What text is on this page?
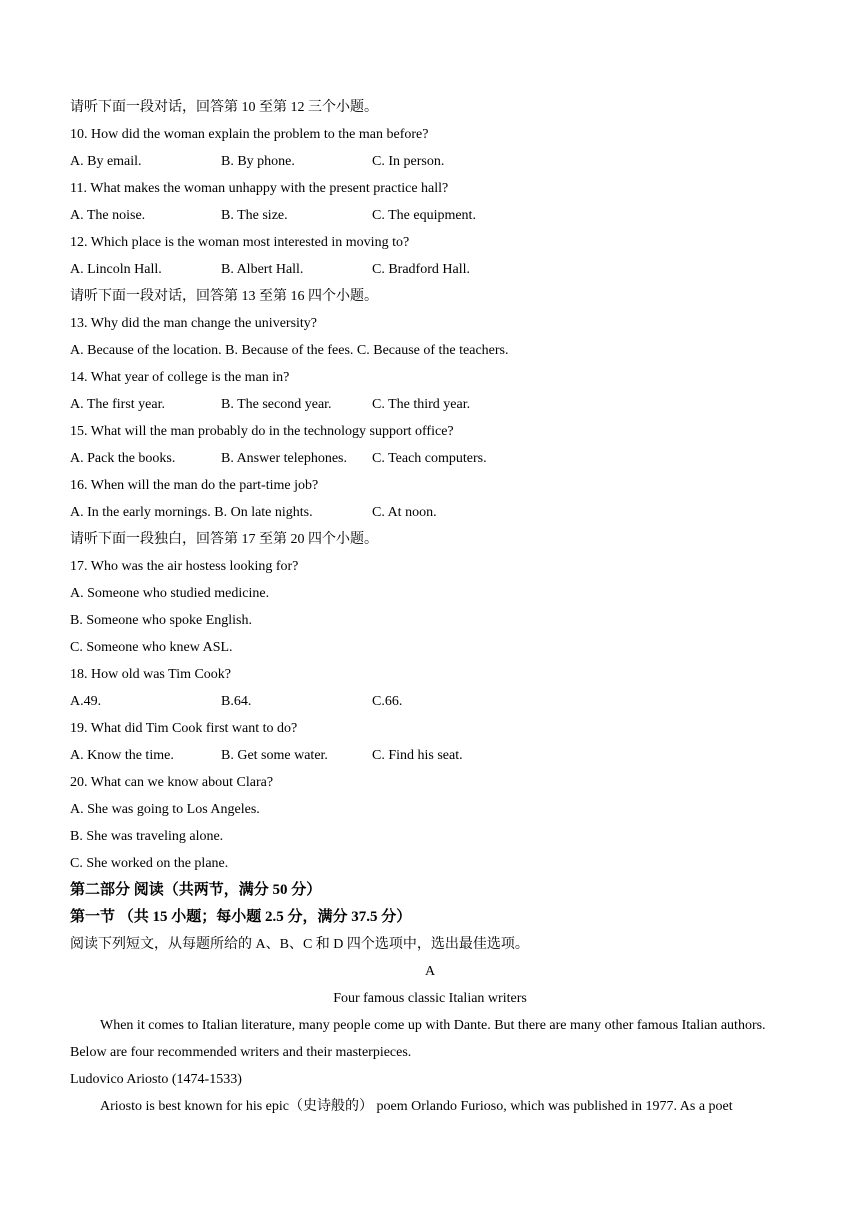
请听下面一段对话，回答第 10 至第 12 三个小题。
10. How did the woman explain the problem to the man before?
A. By email.	B. By phone.	C. In person.
11. What makes the woman unhappy with the present practice hall?
A. The noise.	B. The size.	C. The equipment.
12. Which place is the woman most interested in moving to?
A. Lincoln Hall.	B. Albert Hall.	C. Bradford Hall.
请听下面一段对话，回答第 13 至第 16 四个小题。
13. Why did the man change the university?
A. Because of the location. B. Because of the fees. C. Because of the teachers.
14. What year of college is the man in?
A. The first year.	B. The second year.	C. The third year.
15. What will the man probably do in the technology support office?
A. Pack the books.	B. Answer telephones.	C. Teach computers.
16. When will the man do the part-time job?
A. In the early mornings. B. On late nights.	C. At noon.
请听下面一段独白，回答第 17 至第 20 四个小题。
17. Who was the air hostess looking for?
A. Someone who studied medicine.
B. Someone who spoke English.
C. Someone who knew ASL.
18. How old was Tim Cook?
A.49.	B.64.	C.66.
19. What did Tim Cook first want to do?
A. Know the time.	B. Get some water.	C. Find his seat.
20. What can we know about Clara?
A. She was going to Los Angeles.
B. She was traveling alone.
C. She worked on the plane.
第二部分 阅读（共两节，满分 50 分）
第一节 （共 15 小题；每小题 2.5 分，满分 37.5 分）
阅读下列短文，从每题所给的 A、B、C 和 D 四个选项中，选出最佳选项。
A
Four famous classic Italian writers
When it comes to Italian literature, many people come up with Dante. But there are many other famous Italian authors. Below are four recommended writers and their masterpieces.
Ludovico Ariosto (1474-1533)
Ariosto is best known for his epic（史诗般的） poem Orlando Furioso, which was published in 1977. As a poet
